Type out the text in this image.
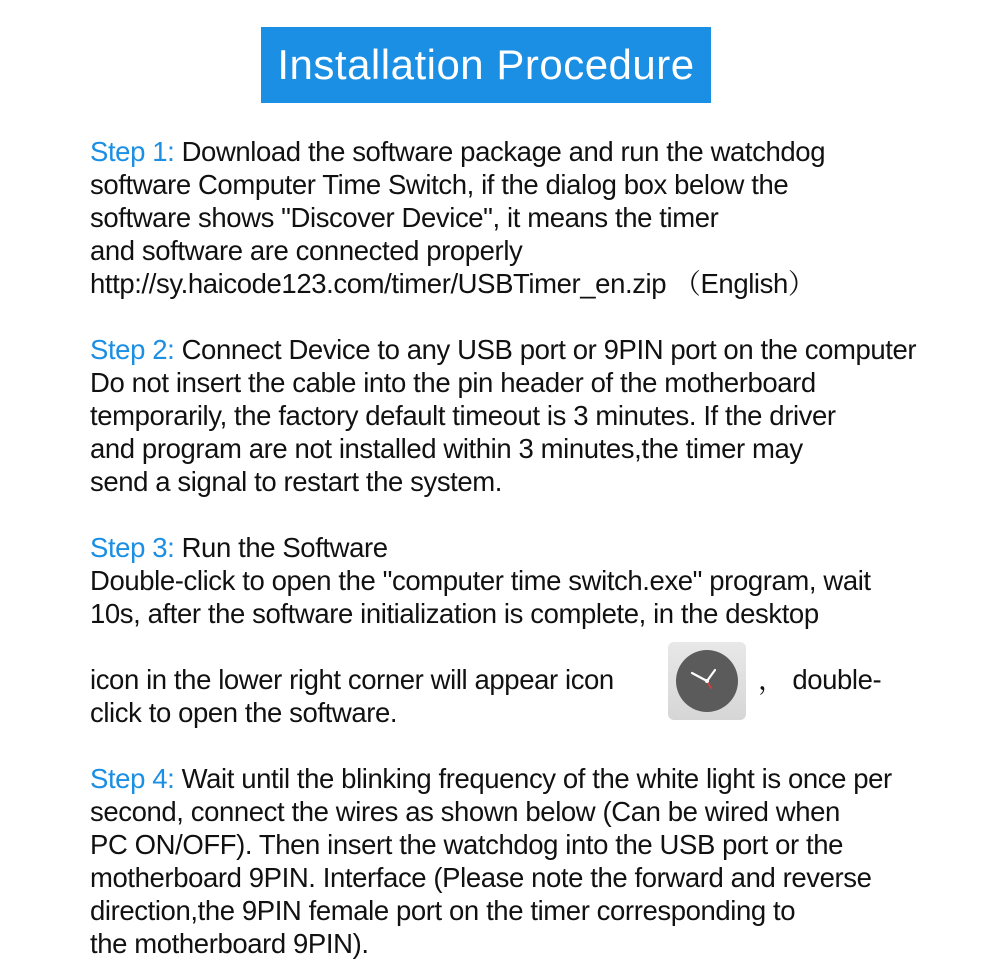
Installation Procedure
Step 1: Download the software package and run the watchdog
software Computer Time Switch, if the dialog box below the
software shows "Discover Device", it means the timer
and software are connected properly
http://sy.haicode123.com/timer/USBTimer_en.zip （English）
Step 2: Connect Device to any USB port or 9PIN port on the computer
Do not insert the cable into the pin header of the motherboard
temporarily, the factory default timeout is 3 minutes. If the driver
and program are not installed within 3 minutes,the timer may
send a signal to restart the system.
Step 3: Run the Software
Double-click to open the "computer time switch.exe" program, wait
10s, after the software initialization is complete, in the desktop
icon in the lower right corner will appear icon	， double-
click to open the software.
Step 4: Wait until the blinking frequency of the white light is once per
second, connect the wires as shown below (Can be wired when
PC ON/OFF). Then insert the watchdog into the USB port or the
motherboard 9PIN. Interface (Please note the forward and reverse
direction,the 9PIN female port on the timer corresponding to
the motherboard 9PIN).
